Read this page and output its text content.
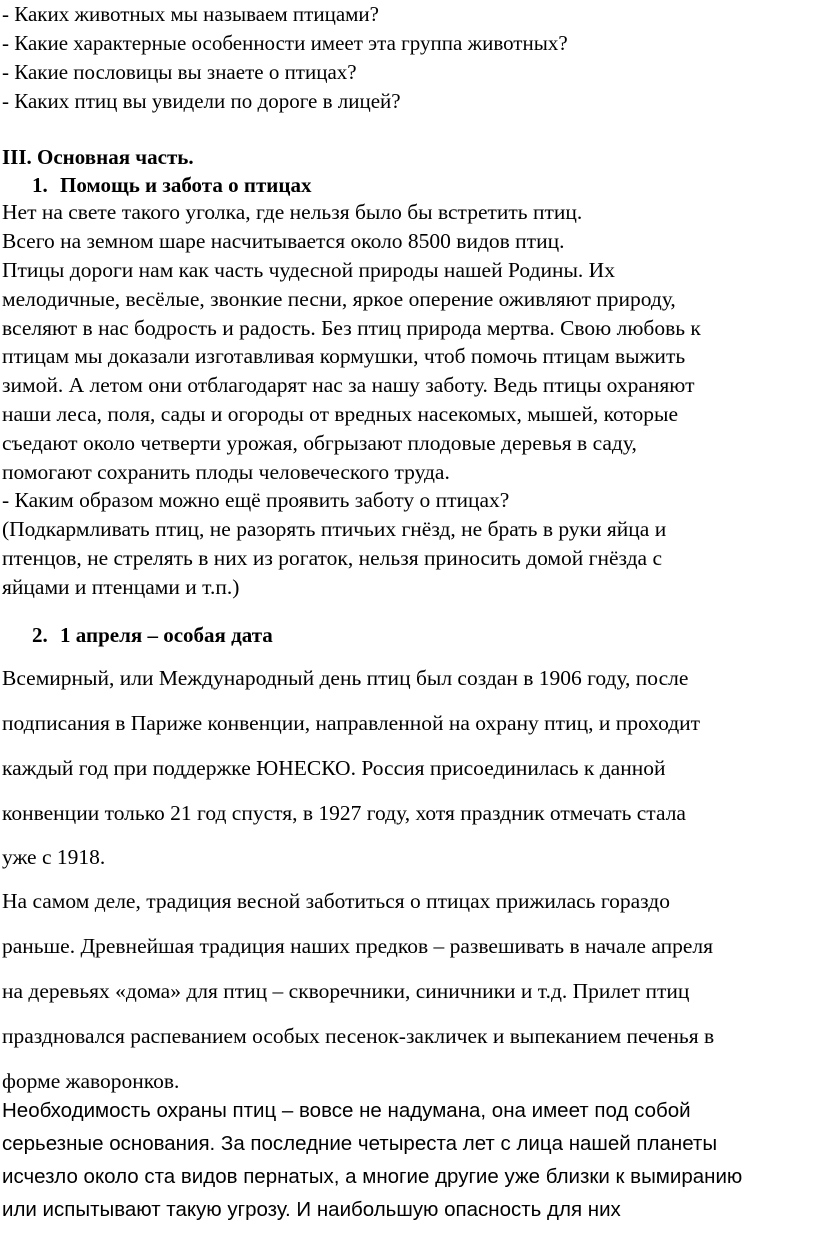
- Каких животных мы называем птицами?
- Какие характерные особенности имеет эта группа животных?
- Какие пословицы вы знаете о птицах?
- Каких птиц вы увидели по дороге в лицей?
III. Основная часть.
1. Помощь и забота о птицах
Нет на свете такого уголка, где нельзя было бы встретить птиц.
Всего на земном шаре насчитывается около 8500 видов птиц.
Птицы дороги нам как часть чудесной природы нашей Родины. Их
мелодичные, весёлые, звонкие песни, яркое оперение оживляют природу,
вселяют в нас бодрость и радость. Без птиц природа мертва. Свою любовь к
птицам мы доказали изготавливая кормушки, чтоб помочь птицам выжить
зимой. А летом они отблагодарят нас за нашу заботу. Ведь птицы охраняют
наши леса, поля, сады и огороды от вредных насекомых, мышей, которые
съедают около четверти урожая, обгрызают плодовые деревья в саду,
помогают сохранить плоды человеческого труда.
- Каким образом можно ещё проявить заботу о птицах?
(Подкармливать птиц, не разорять птичьих гнёзд, не брать в руки яйца и
птенцов, не стрелять в них из рогаток, нельзя приносить домой гнёзда с
яйцами и птенцами и т.п.)
2. 1 апреля – особая дата
Всемирный, или Международный день птиц был создан в 1906 году, после
подписания в Париже конвенции, направленной на охрану птиц, и проходит
каждый год при поддержке ЮНЕСКО. Россия присоединилась к данной
конвенции только 21 год спустя, в 1927 году, хотя праздник отмечать стала
уже с 1918.
На самом деле, традиция весной заботиться о птицах прижилась гораздо
раньше. Древнейшая традиция наших предков – развешивать в начале апреля
на деревьях «дома» для птиц – скворечники, синичники и т.д. Прилет птиц
праздновался распеванием особых песенок-закличек и выпеканием печенья в
форме жаворонков.
Необходимость охраны птиц – вовсе не надумана, она имеет под собой
серьезные основания. За последние четыреста лет с лица нашей планеты
исчезло около ста видов пернатых, а многие другие уже близки к вымиранию
или испытывают такую угрозу. И наибольшую опасность для них
